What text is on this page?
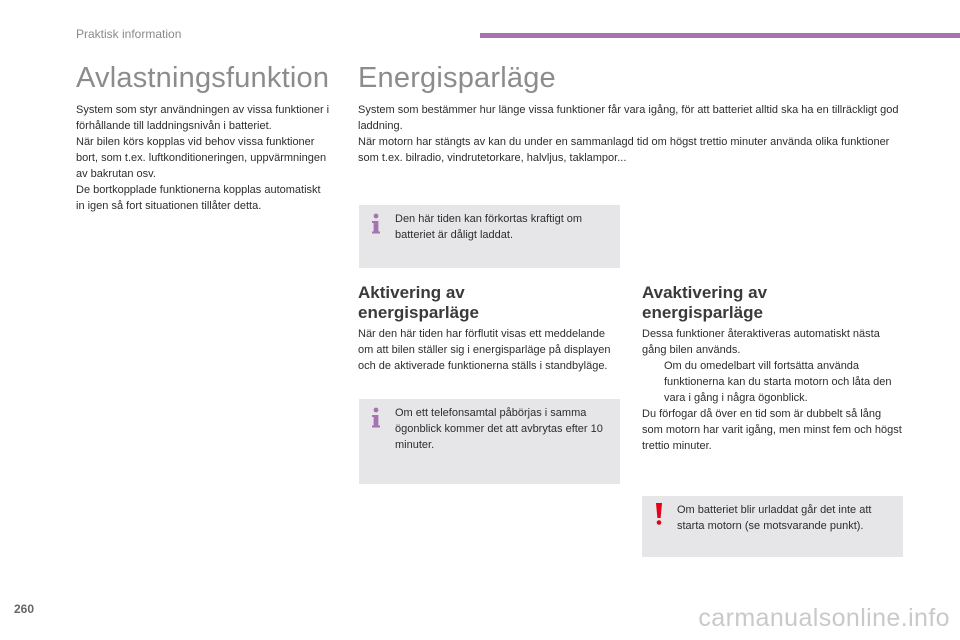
Praktisk information
Avlastningsfunktion

System som styr användningen av vissa funktioner i förhållande till laddningsnivån i batteriet.

När bilen körs kopplas vid behov vissa funktioner bort, som t.ex. luftkonditioneringen, uppvärmningen av bakrutan osv.

De bortkopplade funktionerna kopplas automatiskt in igen så fort situationen tillåter detta.

Energisparläge

System som bestämmer hur länge vissa funktioner får vara igång, för att batteriet alltid ska ha en tillräckligt god laddning.

När motorn har stängts av kan du under en sammanlagd tid om högst trettio minuter använda olika funktioner som t.ex. bilradio, vindrutetorkare, halvljus, taklampor...

Den här tiden kan förkortas kraftigt om batteriet är dåligt laddat.
Aktivering av energisparläge
När den här tiden har förflutit visas ett meddelande om att bilen ställer sig i energisparläge på displayen och de aktiverade funktionerna ställs i standbyläge.
Om ett telefonsamtal påbörjas i samma ögonblick kommer det att avbrytas efter 10 minuter.
Avaktivering av energisparläge
Dessa funktioner återaktiveras automatiskt nästa gång bilen används.
Om du omedelbart vill fortsätta använda funktionerna kan du starta motorn och låta den vara i gång i några ögonblick.
Du förfogar då över en tid som är dubbelt så lång som motorn har varit igång, men minst fem och högst trettio minuter.
Om batteriet blir urladdat går det inte att starta motorn (se motsvarande punkt).
260	carmanualsonline.info
